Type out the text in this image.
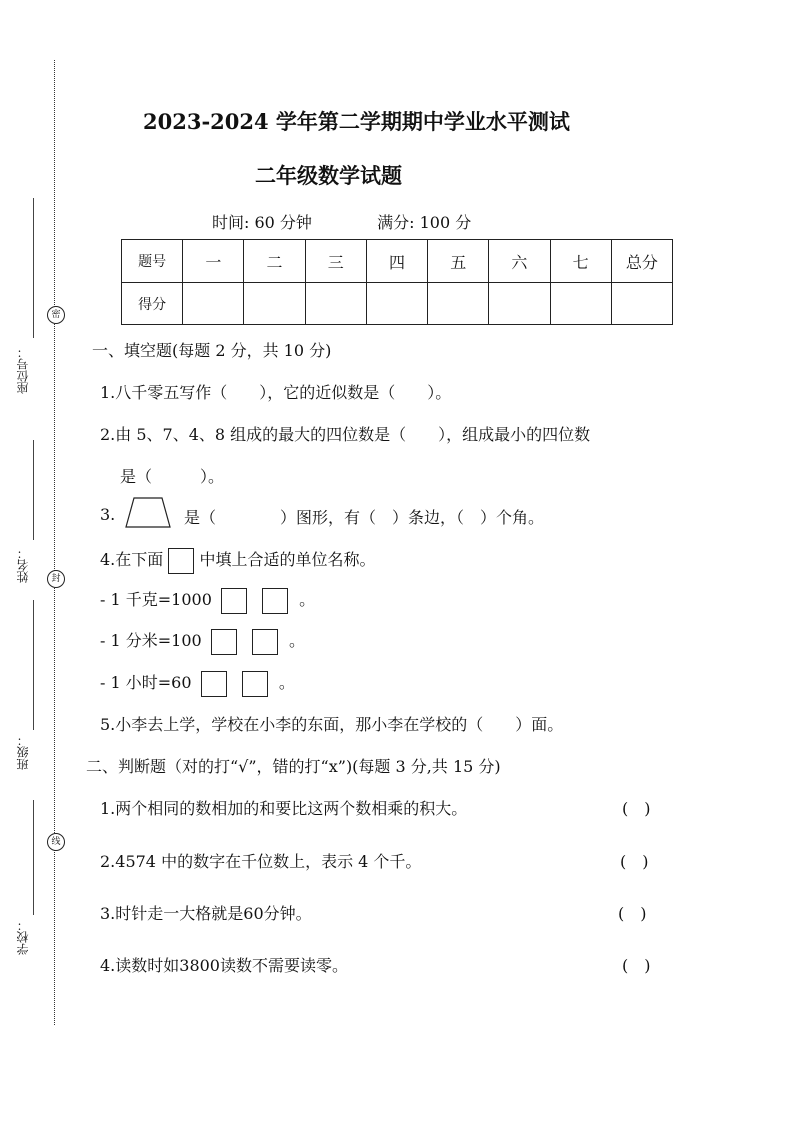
座位号：
姓名：
班级：
学校：
密
封
线
2023-2024 学年第二学期期中学业水平测试
二年级数学试题
时间: 60 分钟	满分: 100 分
题号	一	二	三	四	五	六	七	总分
得分								
一、填空题(每题 2 分，共 10 分)
1.八千零五写作（　　），它的近似数是（　　）。
2.由 5、7、4、8 组成的最大的四位数是（　　），组成最小的四位数
是（　　　）。
3.	是（　　　　）图形，有（　）条边，（　）个角。
4.在下面 中填上合适的单位名称。
- 1 千克=1000	。
- 1 分米=100	。
- 1 小时=60	。
5.小李去上学，学校在小李的东面，那小李在学校的（　　）面。
二、判断题（对的打“√”，错的打“x”)(每题 3 分,共 15 分)
1.两个相同的数相加的和要比这两个数相乘的积大。	(　)
2.4574 中的数字在千位数上，表示 4 个千。	(　)
3.时针走一大格就是60分钟。	(　)
4.读数时如3800读数不需要读零。	(　)
